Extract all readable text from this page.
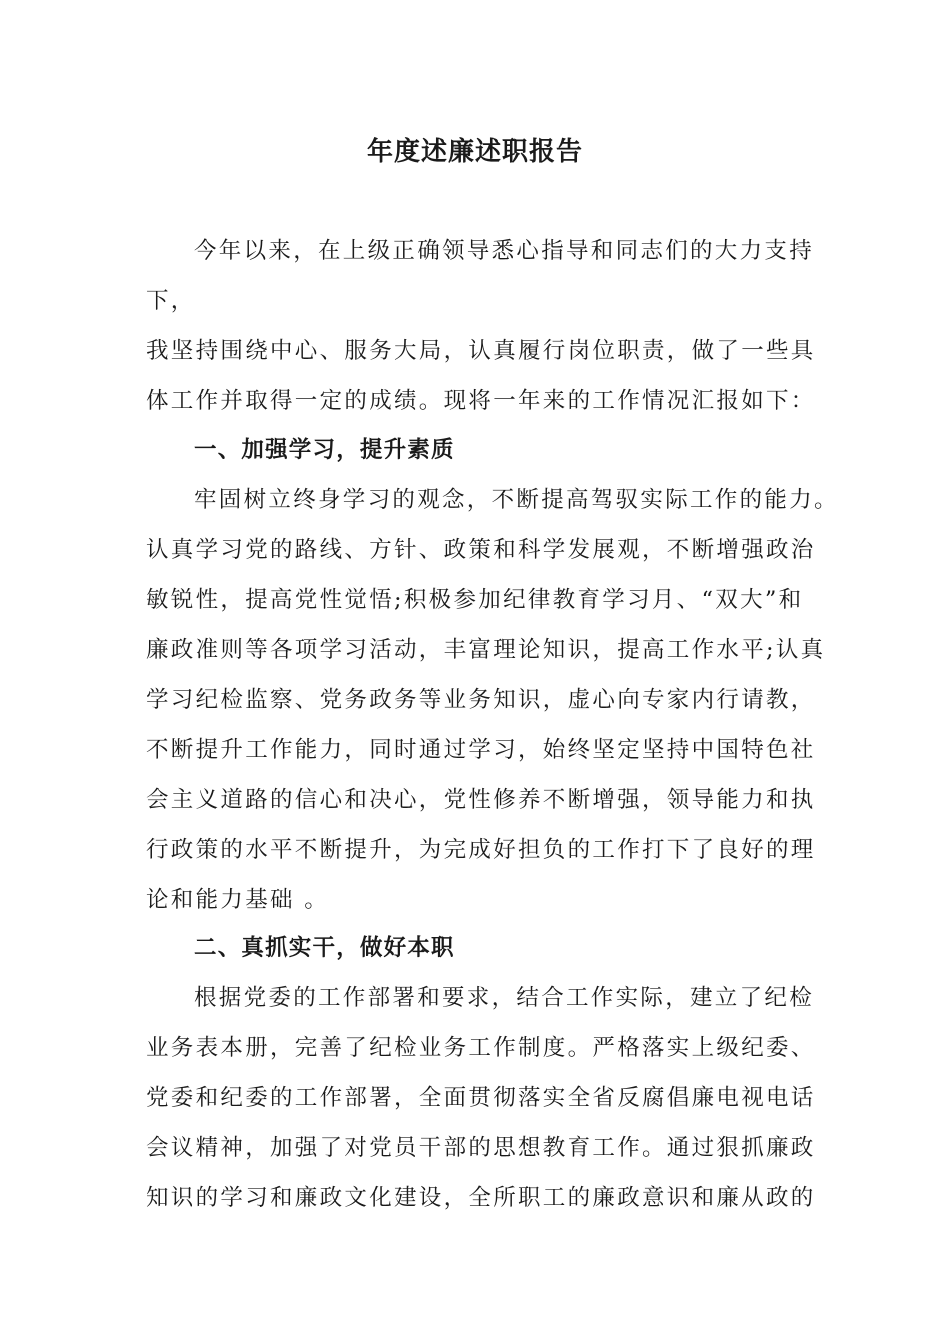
年度述廉述职报告

今年以来，在上级正确领导悉心指导和同志们的大力支持

下，

我坚持围绕中心、服务大局，认真履行岗位职责，做了一些具

体工作并取得一定的成绩。现将一年来的工作情况汇报如下：

一、加强学习，提升素质

牢固树立终身学习的观念，不断提高驾驭实际工作的能力。

认真学习党的路线、方针、政策和科学发展观，不断增强政治

敏锐性，提高党性觉悟;积极参加纪律教育学习月、“双大”和

廉政准则等各项学习活动，丰富理论知识，提高工作水平;认真

学习纪检监察、党务政务等业务知识，虚心向专家内行请教，

不断提升工作能力，同时通过学习，始终坚定坚持中国特色社

会主义道路的信心和决心，党性修养不断增强，领导能力和执

行政策的水平不断提升，为完成好担负的工作打下了良好的理

论和能力基础 。

二、真抓实干，做好本职

根据党委的工作部署和要求，结合工作实际，建立了纪检

业务表本册，完善了纪检业务工作制度。严格落实上级纪委、

党委和纪委的工作部署，全面贯彻落实全省反腐倡廉电视电话

会议精神，加强了对党员干部的思想教育工作。通过狠抓廉政

知识的学习和廉政文化建设，全所职工的廉政意识和廉从政的
